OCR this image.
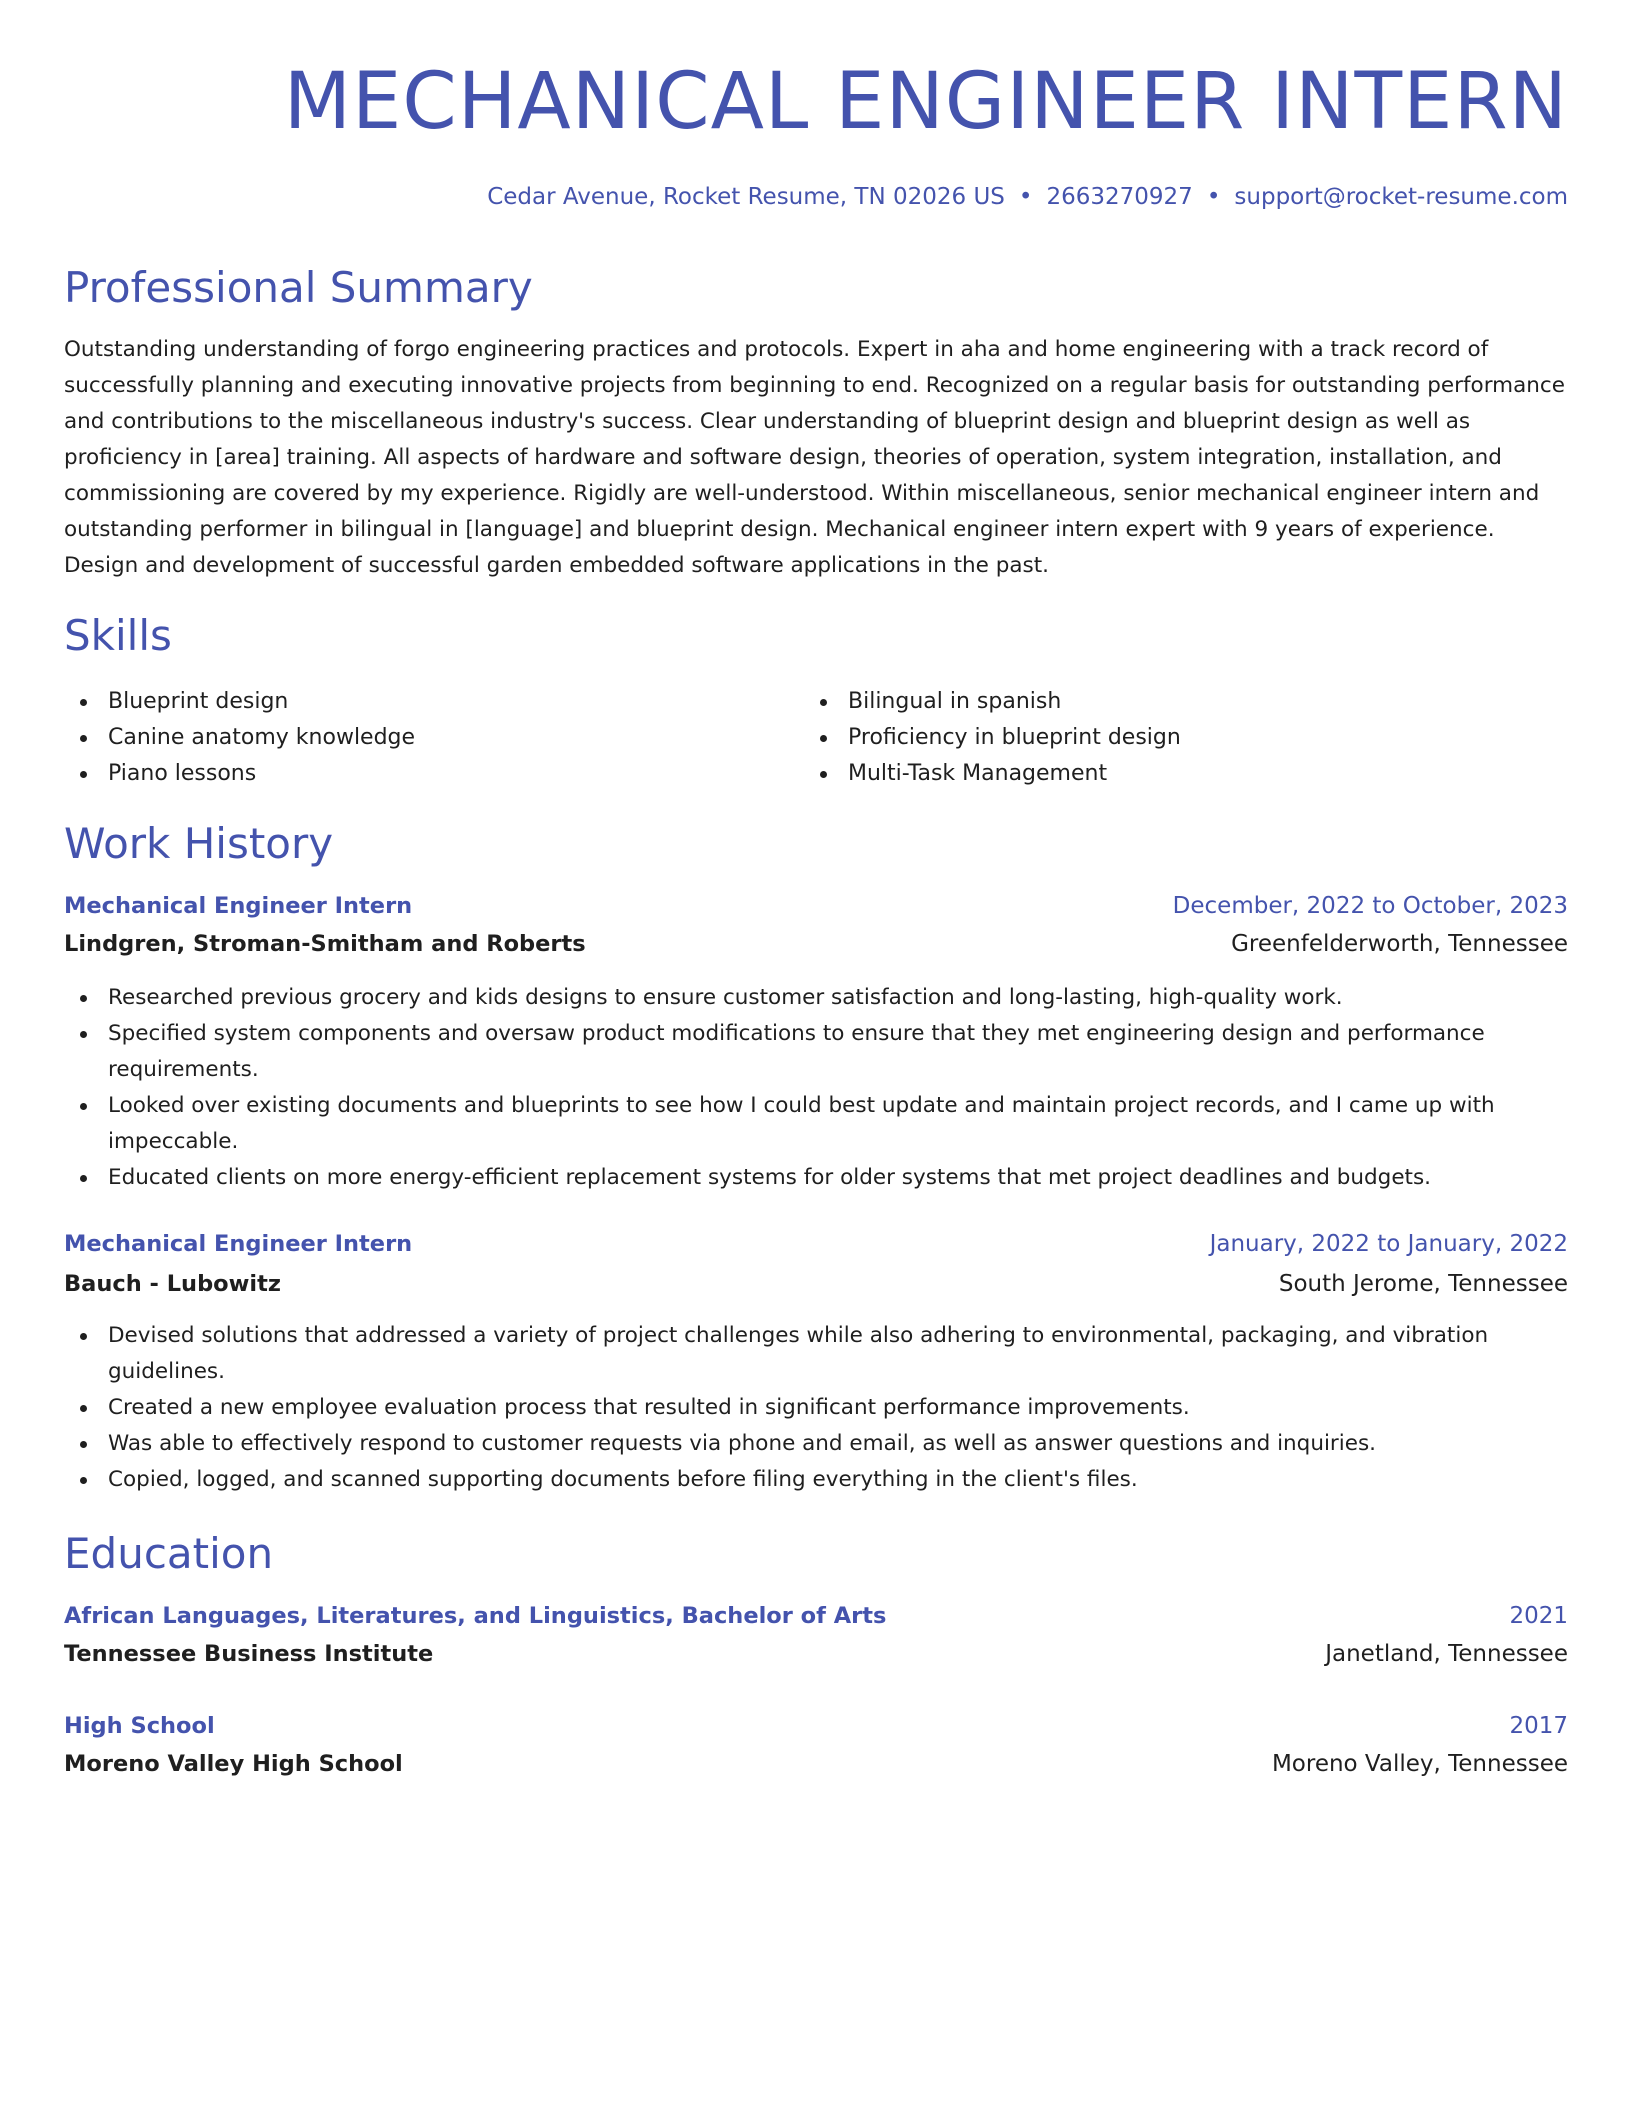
MECHANICAL ENGINEER INTERN
Cedar Avenue, Rocket Resume, TN 02026 US • 2663270927 • support@rocket-resume.com
Professional Summary

Outstanding understanding of forgo engineering practices and protocols. Expert in aha and home engineering with a track record of successfully planning and executing innovative projects from beginning to end. Recognized on a regular basis for outstanding performance and contributions to the miscellaneous industry's success. Clear understanding of blueprint design and blueprint design as well as proficiency in [area] training. All aspects of hardware and software design, theories of operation, system integration, installation, and commissioning are covered by my experience. Rigidly are well-understood. Within miscellaneous, senior mechanical engineer intern and outstanding performer in bilingual in [language] and blueprint design. Mechanical engineer intern expert with 9 years of experience. Design and development of successful garden embedded software applications in the past.

Skills
Blueprint design
Canine anatomy knowledge
Piano lessons
Bilingual in spanish
Proficiency in blueprint design
Multi-Task Management
Work History
Mechanical Engineer Intern	December, 2022 to October, 2023
Lindgren, Stroman-Smitham and Roberts	Greenfelderworth, Tennessee
Researched previous grocery and kids designs to ensure customer satisfaction and long-lasting, high-quality work.
Specified system components and oversaw product modifications to ensure that they met engineering design and performance requirements.
Looked over existing documents and blueprints to see how I could best update and maintain project records, and I came up with impeccable.
Educated clients on more energy-efficient replacement systems for older systems that met project deadlines and budgets.
Mechanical Engineer Intern	January, 2022 to January, 2022
Bauch - Lubowitz	South Jerome, Tennessee
Devised solutions that addressed a variety of project challenges while also adhering to environmental, packaging, and vibration guidelines.
Created a new employee evaluation process that resulted in significant performance improvements.
Was able to effectively respond to customer requests via phone and email, as well as answer questions and inquiries.
Copied, logged, and scanned supporting documents before filing everything in the client's files.
Education
African Languages, Literatures, and Linguistics, Bachelor of Arts	2021
Tennessee Business Institute	Janetland, Tennessee
High School	2017
Moreno Valley High School	Moreno Valley, Tennessee
